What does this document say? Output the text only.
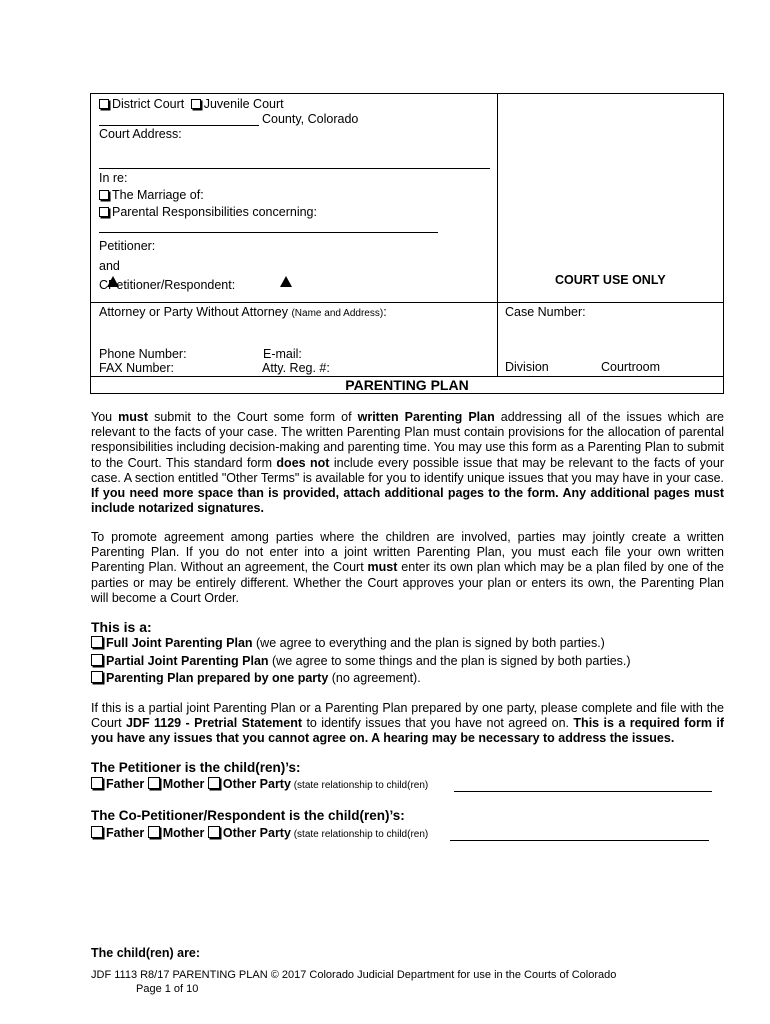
District Court Juvenile Court
County, Colorado
Court Address:
In re:
The Marriage of:
Parental Responsibilities concerning:
Petitioner:
and
CPetitioner/Respondent:	COURT USE ONLY
Attorney or Party Without Attorney (Name and Address):
Phone Number:	E-mail:
FAX Number:	Atty. Reg. #:
Case Number:
Division	Courtroom
PARENTING PLAN

You must submit to the Court some form of written Parenting Plan addressing all of the issues which are relevant to the facts of your case. The written Parenting Plan must contain provisions for the allocation of parental responsibilities including decision-making and parenting time. You may use this form as a Parenting Plan to submit to the Court. This standard form does not include every possible issue that may be relevant to the facts of your case. A section entitled "Other Terms" is available for you to identify unique issues that you may have in your case. If you need more space than is provided, attach additional pages to the form. Any additional pages must include notarized signatures.

To promote agreement among parties where the children are involved, parties may jointly create a written Parenting Plan. If you do not enter into a joint written Parenting Plan, you must each file your own written Parenting Plan. Without an agreement, the Court must enter its own plan which may be a plan filed by one of the parties or may be entirely different. Whether the Court approves your plan or enters its own, the Parenting Plan will become a Court Order.

This is a:
Full Joint Parenting Plan (we agree to everything and the plan is signed by both parties.)
Partial Joint Parenting Plan (we agree to some things and the plan is signed by both parties.)
Parenting Plan prepared by one party (no agreement).

If this is a partial joint Parenting Plan or a Parenting Plan prepared by one party, please complete and file with the Court JDF 1129 - Pretrial Statement to identify issues that you have not agreed on. This is a required form if you have any issues that you cannot agree on. A hearing may be necessary to address the issues.

The Petitioner is the child(ren)’s:
Father Mother Other Party (state relationship to child(ren)
The Co-Petitioner/Respondent is the child(ren)’s:
Father Mother Other Party (state relationship to child(ren)
The child(ren) are:
JDF 1113 R8/17 PARENTING PLAN © 2017 Colorado Judicial Department for use in the Courts of Colorado
Page 1 of 10
